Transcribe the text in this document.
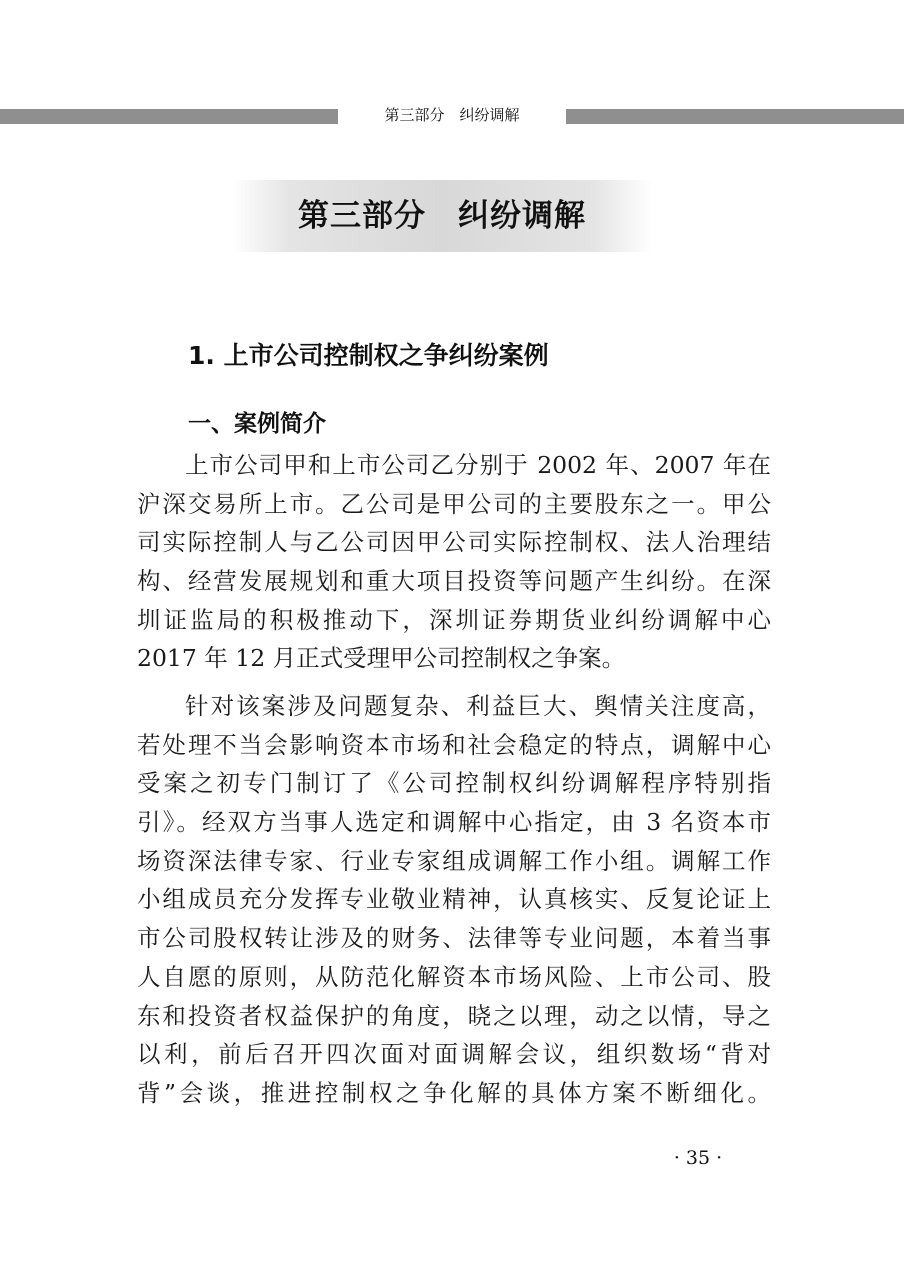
第三部分　纠纷调解
第三部分　纠纷调解
1. 上市公司控制权之争纠纷案例
一、案例简介

上市公司甲和上市公司乙分别于 2002 年、2007 年在
沪深交易所上市。乙公司是甲公司的主要股东之一。甲公
司实际控制人与乙公司因甲公司实际控制权、法人治理结
构、经营发展规划和重大项目投资等问题产生纠纷。在深
圳证监局的积极推动下，深圳证券期货业纠纷调解中心
2017 年 12 月正式受理甲公司控制权之争案。

针对该案涉及问题复杂、利益巨大、舆情关注度高，
若处理不当会影响资本市场和社会稳定的特点，调解中心
受案之初专门制订了《公司控制权纠纷调解程序特别指
引》。经双方当事人选定和调解中心指定，由 3 名资本市
场资深法律专家、行业专家组成调解工作小组。调解工作
小组成员充分发挥专业敬业精神，认真核实、反复论证上
市公司股权转让涉及的财务、法律等专业问题，本着当事
人自愿的原则，从防范化解资本市场风险、上市公司、股
东和投资者权益保护的角度，晓之以理，动之以情，导之
以利，前后召开四次面对面调解会议，组织数场“背对
背”会谈，推进控制权之争化解的具体方案不断细化。

· 35 ·
